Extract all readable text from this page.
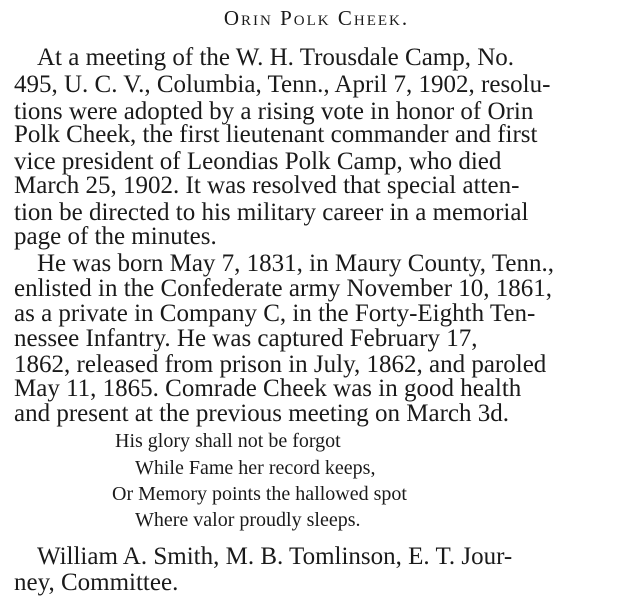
Orin Polk Cheek.
At a meeting of the W. H. Trousdale Camp, No.
495, U. C. V., Columbia, Tenn., April 7, 1902, resolu-
tions were adopted by a rising vote in honor of Orin
Polk Cheek, the first lieutenant commander and first
vice president of Leondias Polk Camp, who died
March 25, 1902. It was resolved that special atten-
tion be directed to his military career in a memorial
page of the minutes.
He was born May 7, 1831, in Maury County, Tenn.,
enlisted in the Confederate army November 10, 1861,
as a private in Company C, in the Forty-Eighth Ten-
nessee Infantry. He was captured February 17,
1862, released from prison in July, 1862, and paroled
May 11, 1865. Comrade Cheek was in good health
and present at the previous meeting on March 3d.
His glory shall not be forgot
While Fame her record keeps,
Or Memory points the hallowed spot
Where valor proudly sleeps.
William A. Smith, M. B. Tomlinson, E. T. Jour-
ney, Committee.
